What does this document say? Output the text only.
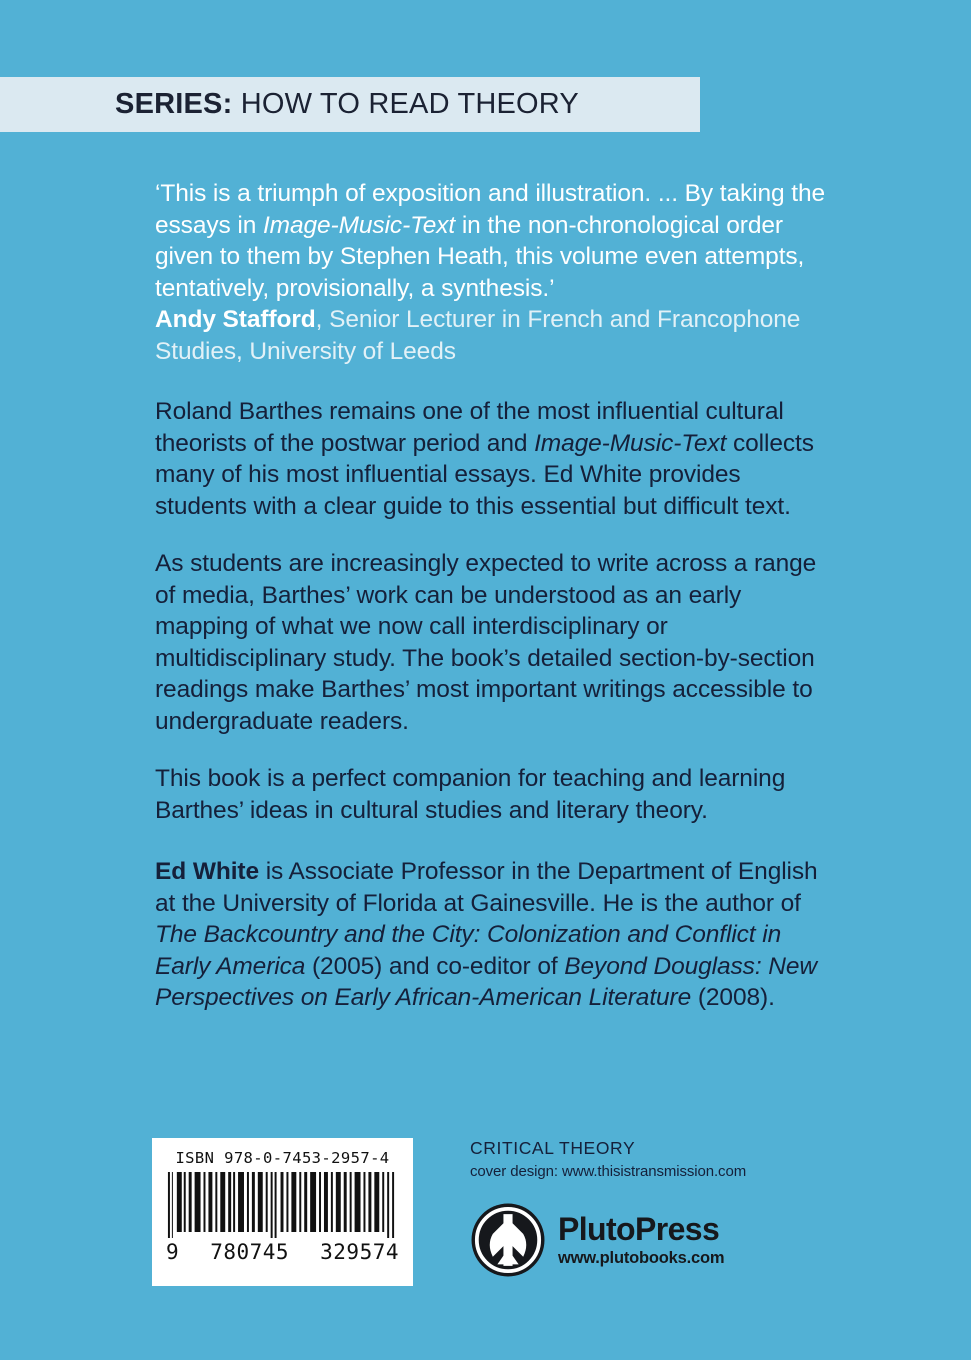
SERIES: HOW TO READ THEORY

‘This is a triumph of exposition and illustration. ... By taking the essays in Image-Music-Text in the non-chronological order given to them by Stephen Heath, this volume even attempts, tentatively, provisionally, a synthesis.’
Andy Stafford, Senior Lecturer in French and Francophone Studies, University of Leeds

Roland Barthes remains one of the most influential cultural theorists of the postwar period and Image-Music-Text collects many of his most influential essays. Ed White provides students with a clear guide to this essential but difficult text.

As students are increasingly expected to write across a range of media, Barthes’ work can be understood as an early mapping of what we now call interdisciplinary or multidisciplinary study. The book’s detailed section-by-section readings make Barthes’ most important writings accessible to undergraduate readers.

This book is a perfect companion for teaching and learning Barthes’ ideas in cultural studies and literary theory.

Ed White is Associate Professor in the Department of English at the University of Florida at Gainesville. He is the author of The Backcountry and the City: Colonization and Conflict in Early America (2005) and co-editor of Beyond Douglass: New Perspectives on Early African-American Literature (2008).

ISBN 978-0-7453-2957-4
9 780745 329574
CRITICAL THEORY
cover design: www.thisistransmission.com
PlutoPress
www.plutobooks.com
